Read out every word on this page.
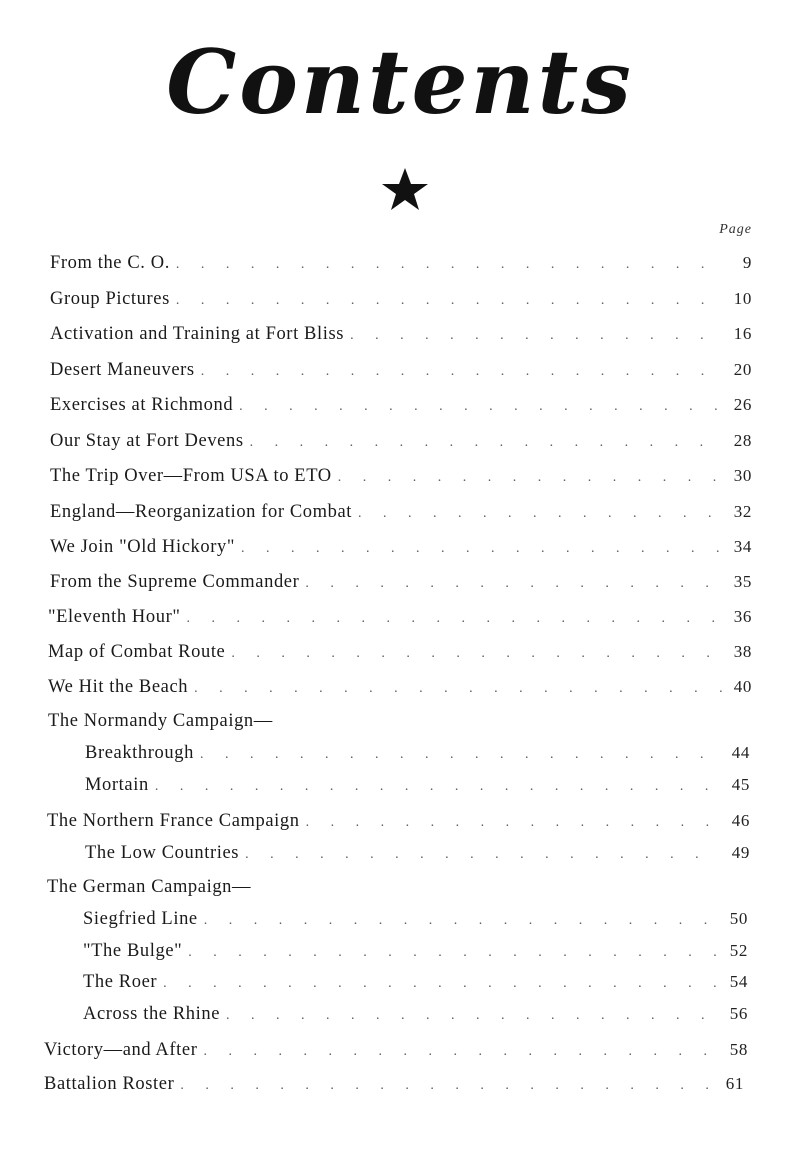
Contents
Page
From the C. O. . . .	9
Group Pictures . . .	10
Activation and Training at Fort Bliss . . .	16
Desert Maneuvers . . .	20
Exercises at Richmond . . .	26
Our Stay at Fort Devens . . .	28
The Trip Over—From USA to ETO . . .	30
England—Reorganization for Combat . . .	32
We Join "Old Hickory" . . .	34
From the Supreme Commander . . .	35
"Eleventh Hour" . . .	36
Map of Combat Route . . .	38
We Hit the Beach . . .	40
The Normandy Campaign—
Breakthrough . . .	44
Mortain . . .	45
The Northern France Campaign . . .	46
The Low Countries . . .	49
The German Campaign—
Siegfried Line . . .	50
"The Bulge" . . .	52
The Roer . . .	54
Across the Rhine . . .	56
Victory—and After . . .	58
Battalion Roster . . .	61
